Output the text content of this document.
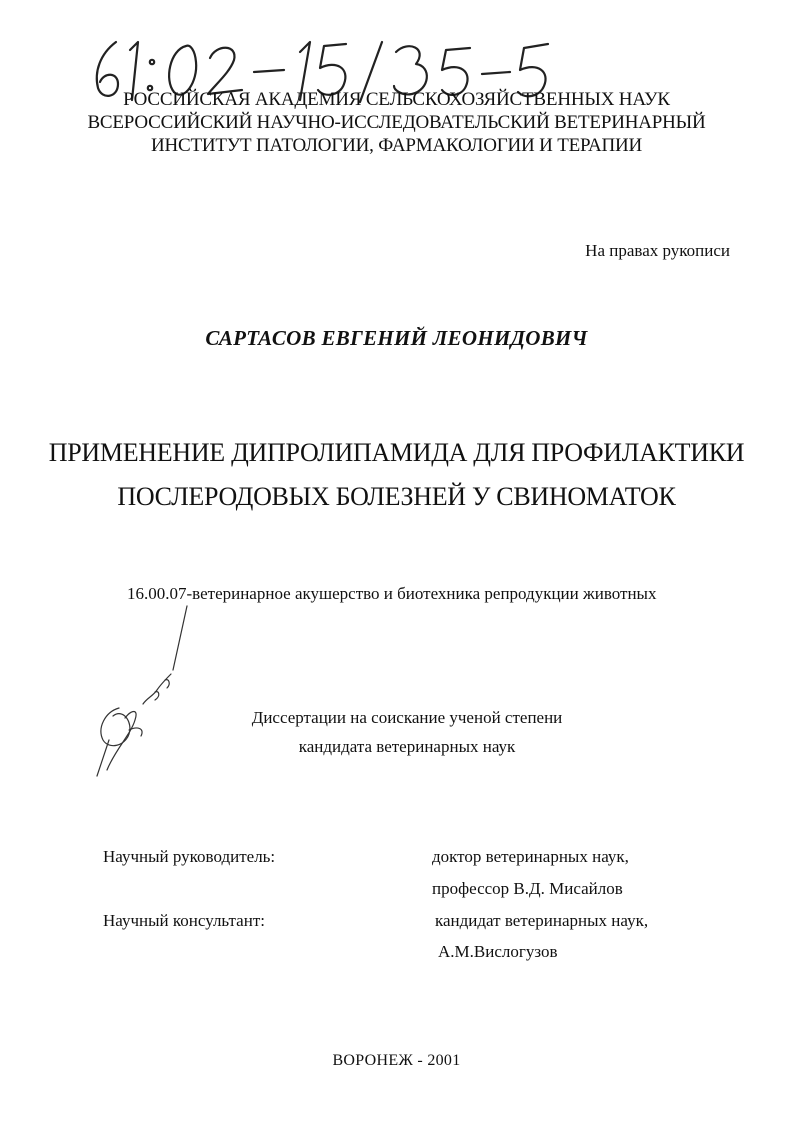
РОССИЙСКАЯ АКАДЕМИЯ СЕЛЬСКОХОЗЯЙСТВЕННЫХ НАУК
ВСЕРОССИЙСКИЙ НАУЧНО-ИССЛЕДОВАТЕЛЬСКИЙ ВЕТЕРИНАРНЫЙ
ИНСТИТУТ ПАТОЛОГИИ, ФАРМАКОЛОГИИ И ТЕРАПИИ
На правах рукописи
САРТАСОВ ЕВГЕНИЙ ЛЕОНИДОВИЧ
ПРИМЕНЕНИЕ ДИПРОЛИПАМИДА ДЛЯ ПРОФИЛАКТИКИ
ПОСЛЕРОДОВЫХ БОЛЕЗНЕЙ У СВИНОМАТОК
16.00.07-ветеринарное акушерство и биотехника репродукции животных
Диссертации на соискание ученой степени
кандидата ветеринарных наук
Научный руководитель:	доктор ветеринарных наук,
профессор В.Д. Мисайлов
Научный консультант:	кандидат ветеринарных наук,
А.М.Вислогузов
ВОРОНЕЖ - 2001
